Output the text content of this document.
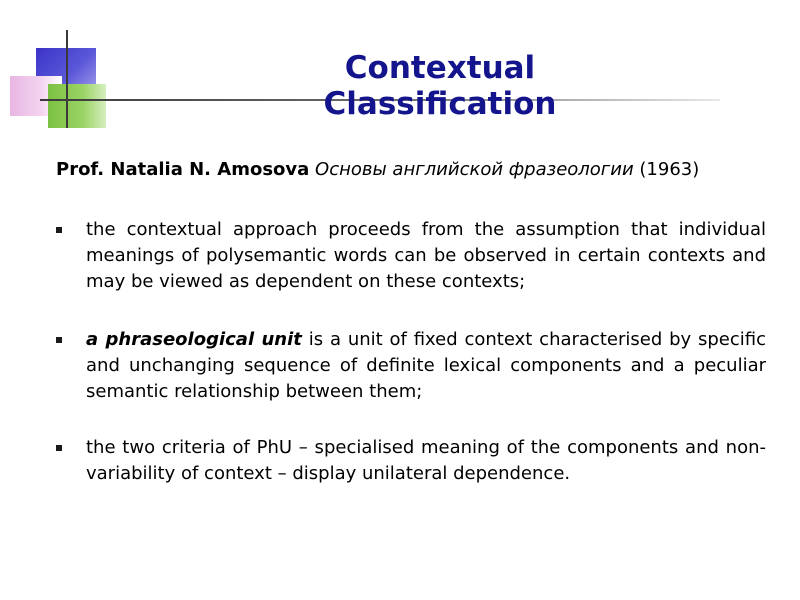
Contextual Classification
Prof. Natalia N. Amosova Основы английской фразеологии (1963)
the contextual approach proceeds from the assumption that individual meanings of polysemantic words can be observed in certain contexts and may be viewed as dependent on these contexts;
a phraseological unit is a unit of fixed context characterised by specific and unchanging sequence of definite lexical components and a peculiar semantic relationship between them;
the two criteria of PhU – specialised meaning of the components and non-variability of context – display unilateral dependence.
